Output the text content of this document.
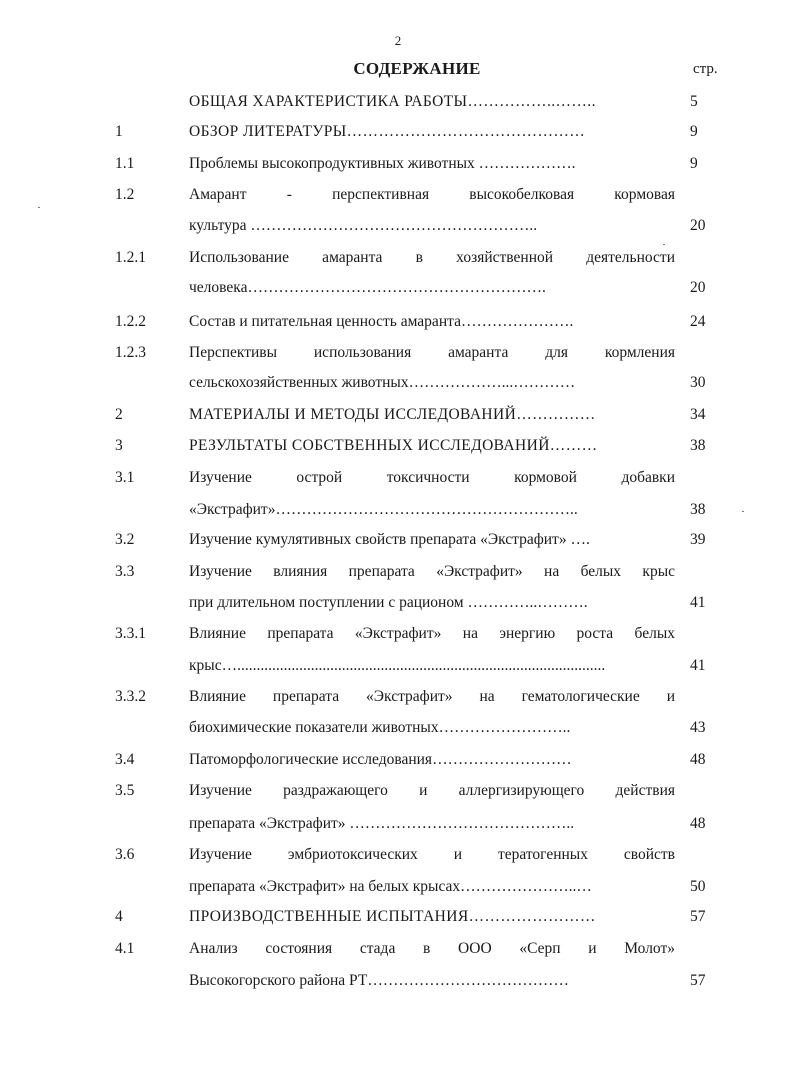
2
СОДЕРЖАНИЕ	стр.
ОБЩАЯ ХАРАКТЕРИСТИКА РАБОТЫ……………..……..	5
1	ОБЗОР ЛИТЕРАТУРЫ………………………………………	9
1.1	Проблемы высокопродуктивных животных ……………….	9
1.2	Амарант - перспективная высокобелковая кормовая
культура ………………………………………………..	20
1.2.1	Использование амаранта в хозяйственной деятельности
человека………………………………………………….	20
1.2.2	Состав и питательная ценность амаранта………………….	24
1.2.3	Перспективы использования амаранта для кормления
сельскохозяйственных животных………………...…………	30
2	МАТЕРИАЛЫ И МЕТОДЫ ИССЛЕДОВАНИЙ……………	34
3	РЕЗУЛЬТАТЫ СОБСТВЕННЫХ ИССЛЕДОВАНИЙ………	38
3.1	Изучение острой токсичности кормовой добавки
«Экстрафит»…………………………………………………..	38
3.2	Изучение кумулятивных свойств препарата «Экстрафит» ….	39
3.3	Изучение влияния препарата «Экстрафит» на белых крыс
при длительном поступлении с рационом …………..……….	41
3.3.1	Влияние препарата «Экстрафит» на энергию роста белых
крыс…...............................................................................................	41
3.3.2	Влияние препарата «Экстрафит» на гематологические и
биохимические показатели животных……………………..	43
3.4	Патоморфологические исследования………………………	48
3.5	Изучение раздражающего и аллергизирующего действия
препарата «Экстрафит» ……………………………………..	48
3.6	Изучение эмбриотоксических и тератогенных свойств
препарата «Экстрафит» на белых крысах…………………..…	50
4	ПРОИЗВОДСТВЕННЫЕ ИСПЫТАНИЯ……………………	57
4.1	Анализ состояния стада в ООО «Серп и Молот»
Высокогорского района РТ…………………………………	57
